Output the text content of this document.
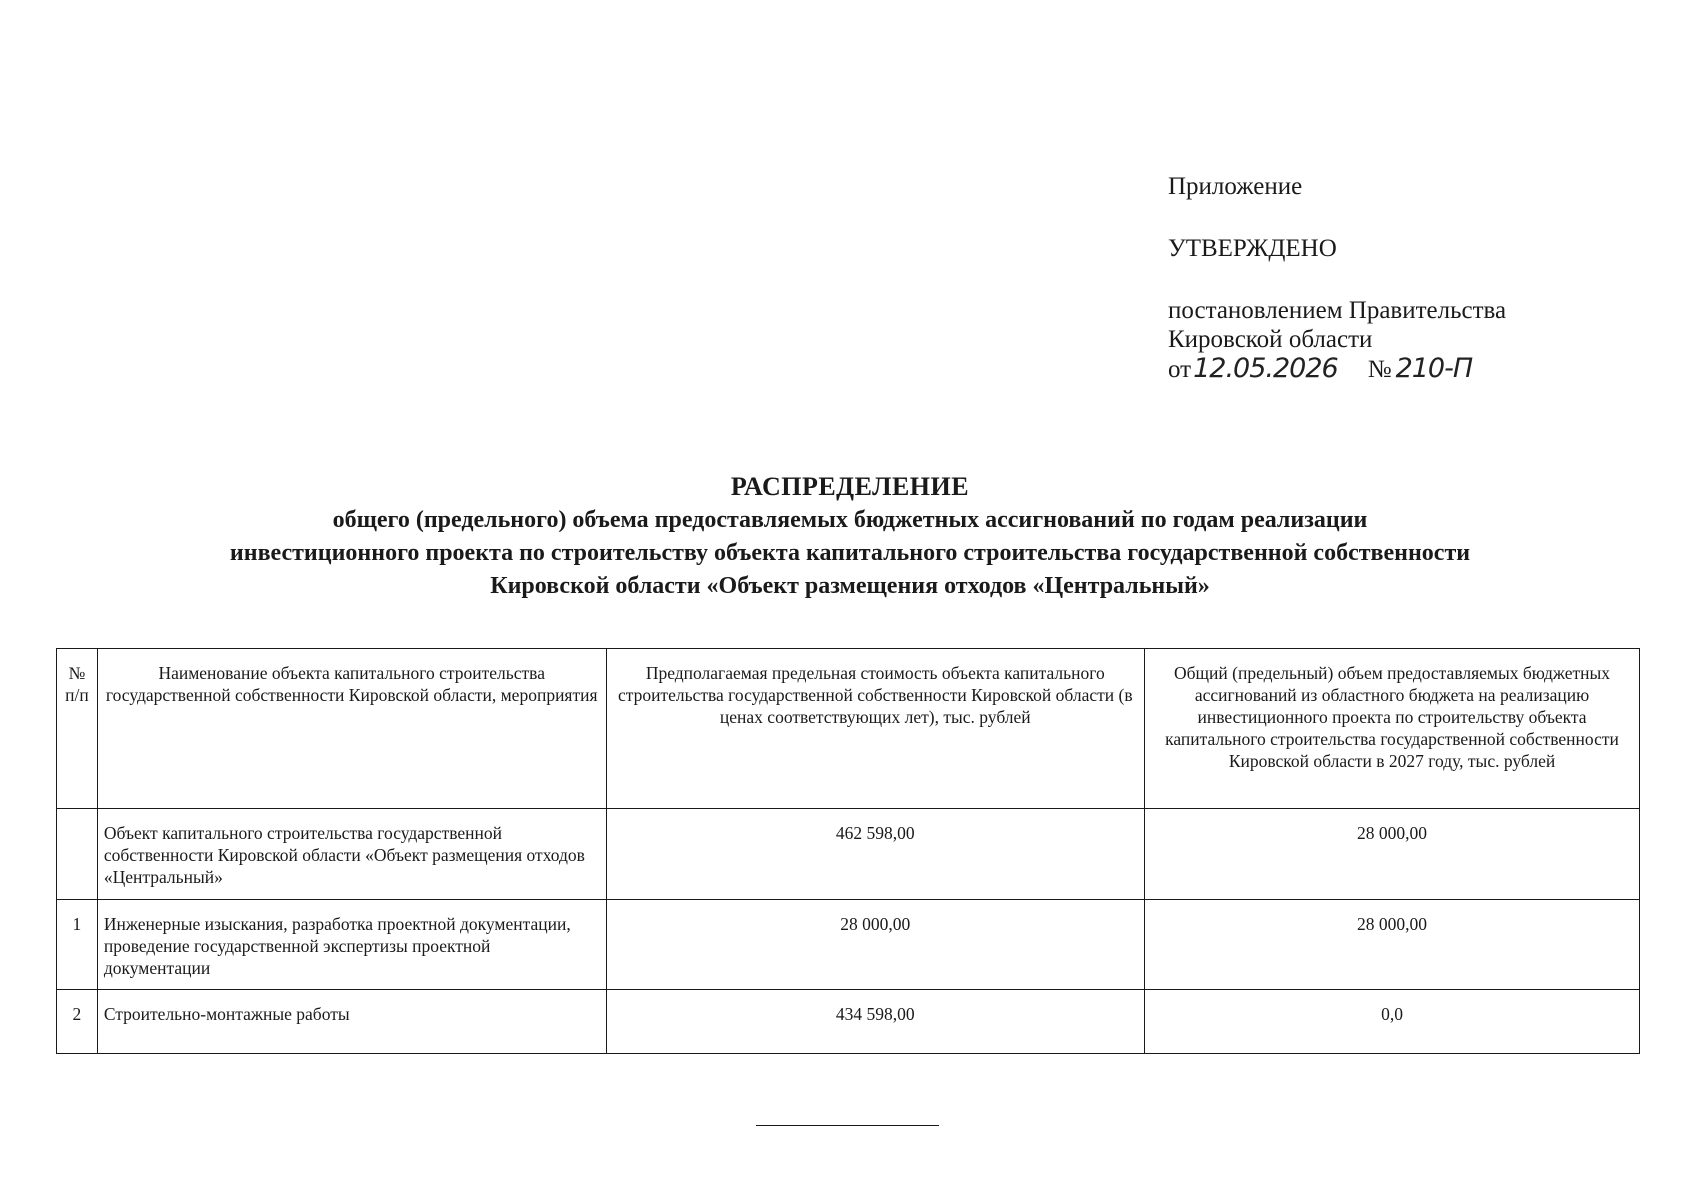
Приложение
УТВЕРЖДЕНО
постановлением Правительства
Кировской области
от12.05.2026 № 210-П
РАСПРЕДЕЛЕНИЕ
общего (предельного) объема предоставляемых бюджетных ассигнований по годам реализации
инвестиционного проекта по строительству объекта капитального строительства государственной собственности
Кировской области «Объект размещения отходов «Центральный»
№ п/п	Наименование объекта капитального строительства государственной собственности Кировской области, мероприятия	Предполагаемая предельная стоимость объекта капитального строительства государственной собственности Кировской области (в ценах соответствующих лет), тыс. рублей	Общий (предельный) объем предоставляемых бюджетных ассигнований из областного бюджета на реализацию инвестиционного проекта по строительству объекта капитального строительства государственной собственности Кировской области в 2027 году, тыс. рублей
	Объект капитального строительства государственной собственности Кировской области «Объект размещения отходов «Центральный»	462 598,00	28 000,00
1	Инженерные изыскания, разработка проектной документации, проведение государственной экспертизы проектной документации	28 000,00	28 000,00
2	Строительно-монтажные работы	434 598,00	0,0
